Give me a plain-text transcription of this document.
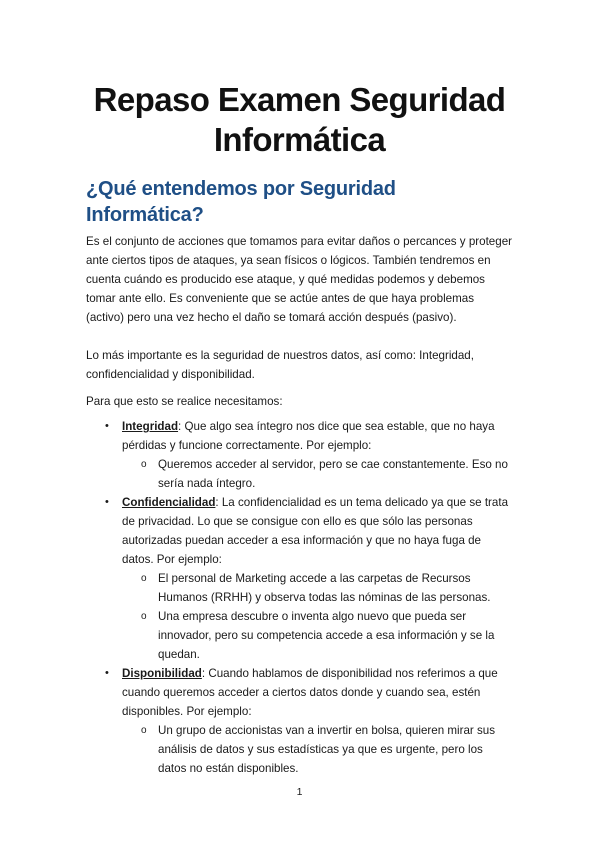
Repaso Examen Seguridad
Informática
¿Qué entendemos por Seguridad Informática?

Es el conjunto de acciones que tomamos para evitar daños o percances y proteger ante ciertos tipos de ataques, ya sean físicos o lógicos. También tendremos en cuenta cuándo es producido ese ataque, y qué medidas podemos y debemos tomar ante ello. Es conveniente que se actúe antes de que haya problemas (activo) pero una vez hecho el daño se tomará acción después (pasivo).

Lo más importante es la seguridad de nuestros datos, así como: Integridad, confidencialidad y disponibilidad.

Para que esto se realice necesitamos:

• Integridad: Que algo sea íntegro nos dice que sea estable, que no haya pérdidas y funcione correctamente. Por ejemplo:
o Queremos acceder al servidor, pero se cae constantemente. Eso no sería nada íntegro.
• Confidencialidad: La confidencialidad es un tema delicado ya que se trata de privacidad. Lo que se consigue con ello es que sólo las personas autorizadas puedan acceder a esa información y que no haya fuga de datos. Por ejemplo:
o El personal de Marketing accede a las carpetas de Recursos Humanos (RRHH) y observa todas las nóminas de las personas.
o Una empresa descubre o inventa algo nuevo que pueda ser innovador, pero su competencia accede a esa información y se la quedan.
• Disponibilidad: Cuando hablamos de disponibilidad nos referimos a que cuando queremos acceder a ciertos datos donde y cuando sea, estén disponibles. Por ejemplo:
o Un grupo de accionistas van a invertir en bolsa, quieren mirar sus análisis de datos y sus estadísticas ya que es urgente, pero los datos no están disponibles.
1
